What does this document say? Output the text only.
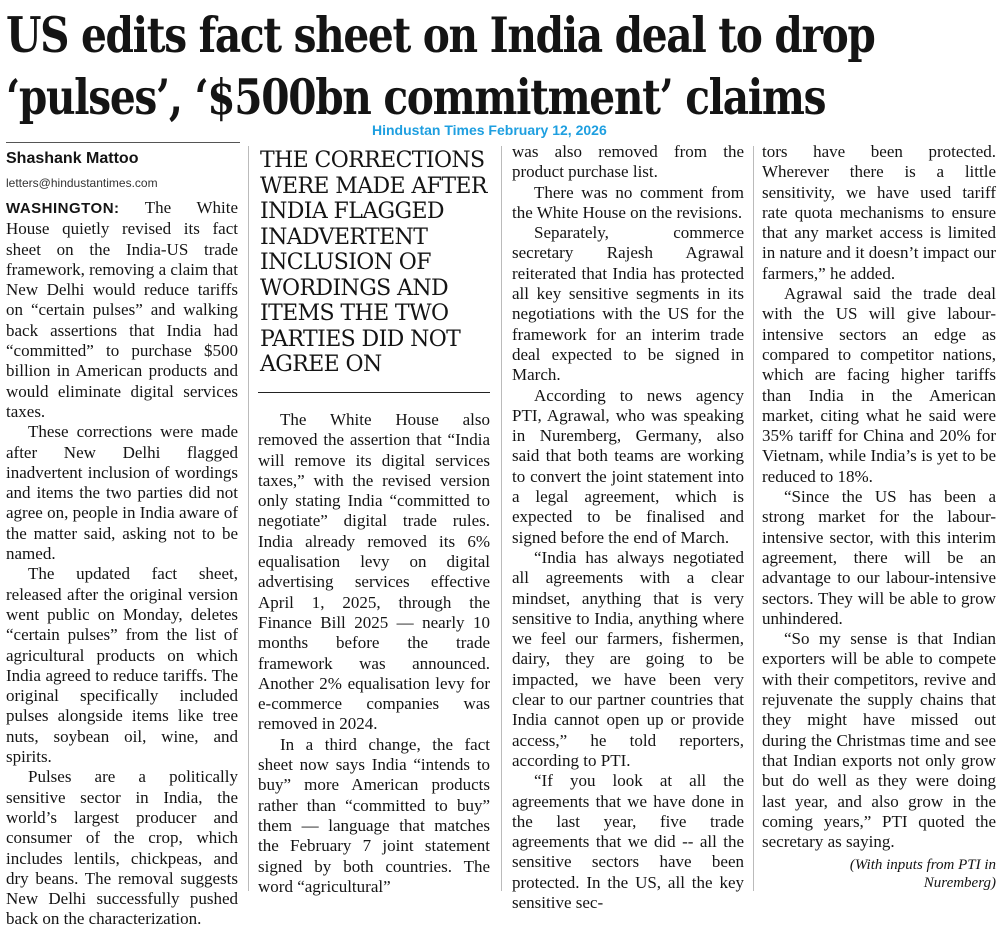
US edits fact sheet on India deal to drop
‘pulses’, ‘$500bn commitment’ claims
Hindustan Times February 12, 2026
Shashank Mattoo
letters@hindustantimes.com

WASHINGTON: The White House quietly revised its fact sheet on the India-US trade framework, removing a claim that New Delhi would reduce tariffs on “certain pulses” and walking back assertions that India had “committed” to purchase $500 billion in American products and would eliminate digital services taxes.

These corrections were made after New Delhi flagged inadvertent inclusion of wordings and items the two parties did not agree on, people in India aware of the matter said, asking not to be named.

The updated fact sheet, released after the original version went public on Monday, deletes “certain pulses” from the list of agricultural products on which India agreed to reduce tariffs. The original specifically included pulses alongside items like tree nuts, soybean oil, wine, and spirits.

Pulses are a politically sensitive sector in India, the world’s largest producer and consumer of the crop, which includes lentils, chickpeas, and dry beans. The removal suggests New Delhi successfully pushed back on the characterization.

THE CORRECTIONS WERE MADE AFTER INDIA FLAGGED INADVERTENT INCLUSION OF WORDINGS AND ITEMS THE TWO PARTIES DID NOT AGREE ON

The White House also removed the assertion that “India will remove its digital services taxes,” with the revised version only stating India “committed to negotiate” digital trade rules. India already removed its 6% equalisation levy on digital advertising services effective April 1, 2025, through the Finance Bill 2025 — nearly 10 months before the trade framework was announced. Another 2% equalisation levy for e-commerce companies was removed in 2024.

In a third change, the fact sheet now says India “intends to buy” more American products rather than “committed to buy” them — language that matches the February 7 joint statement signed by both countries. The word “agricultural”

was also removed from the product purchase list.

There was no comment from the White House on the revisions.

Separately, commerce secretary Rajesh Agrawal reiterated that India has protected all key sensitive segments in its negotiations with the US for the framework for an interim trade deal expected to be signed in March.

According to news agency PTI, Agrawal, who was speaking in Nuremberg, Germany, also said that both teams are working to convert the joint statement into a legal agreement, which is expected to be finalised and signed before the end of March.

“India has always negotiated all agreements with a clear mindset, anything that is very sensitive to India, anything where we feel our farmers, fishermen, dairy, they are going to be impacted, we have been very clear to our partner countries that India cannot open up or provide access,” he told reporters, according to PTI.

“If you look at all the agreements that we have done in the last year, five trade agreements that we did -- all the sensitive sectors have been protected. In the US, all the key sensitive sec-

tors have been protected. Wherever there is a little sensitivity, we have used tariff rate quota mechanisms to ensure that any market access is limited in nature and it doesn’t impact our farmers,” he added.

Agrawal said the trade deal with the US will give labour-intensive sectors an edge as compared to competitor nations, which are facing higher tariffs than India in the American market, citing what he said were 35% tariff for China and 20% for Vietnam, while India’s is yet to be reduced to 18%.

“Since the US has been a strong market for the labour-intensive sector, with this interim agreement, there will be an advantage to our labour-intensive sectors. They will be able to grow unhindered.

“So my sense is that Indian exporters will be able to compete with their competitors, revive and rejuvenate the supply chains that they might have missed out during the Christmas time and see that Indian exports not only grow but do well as they were doing last year, and also grow in the coming years,” PTI quoted the secretary as saying.

(With inputs from PTI in Nuremberg)
